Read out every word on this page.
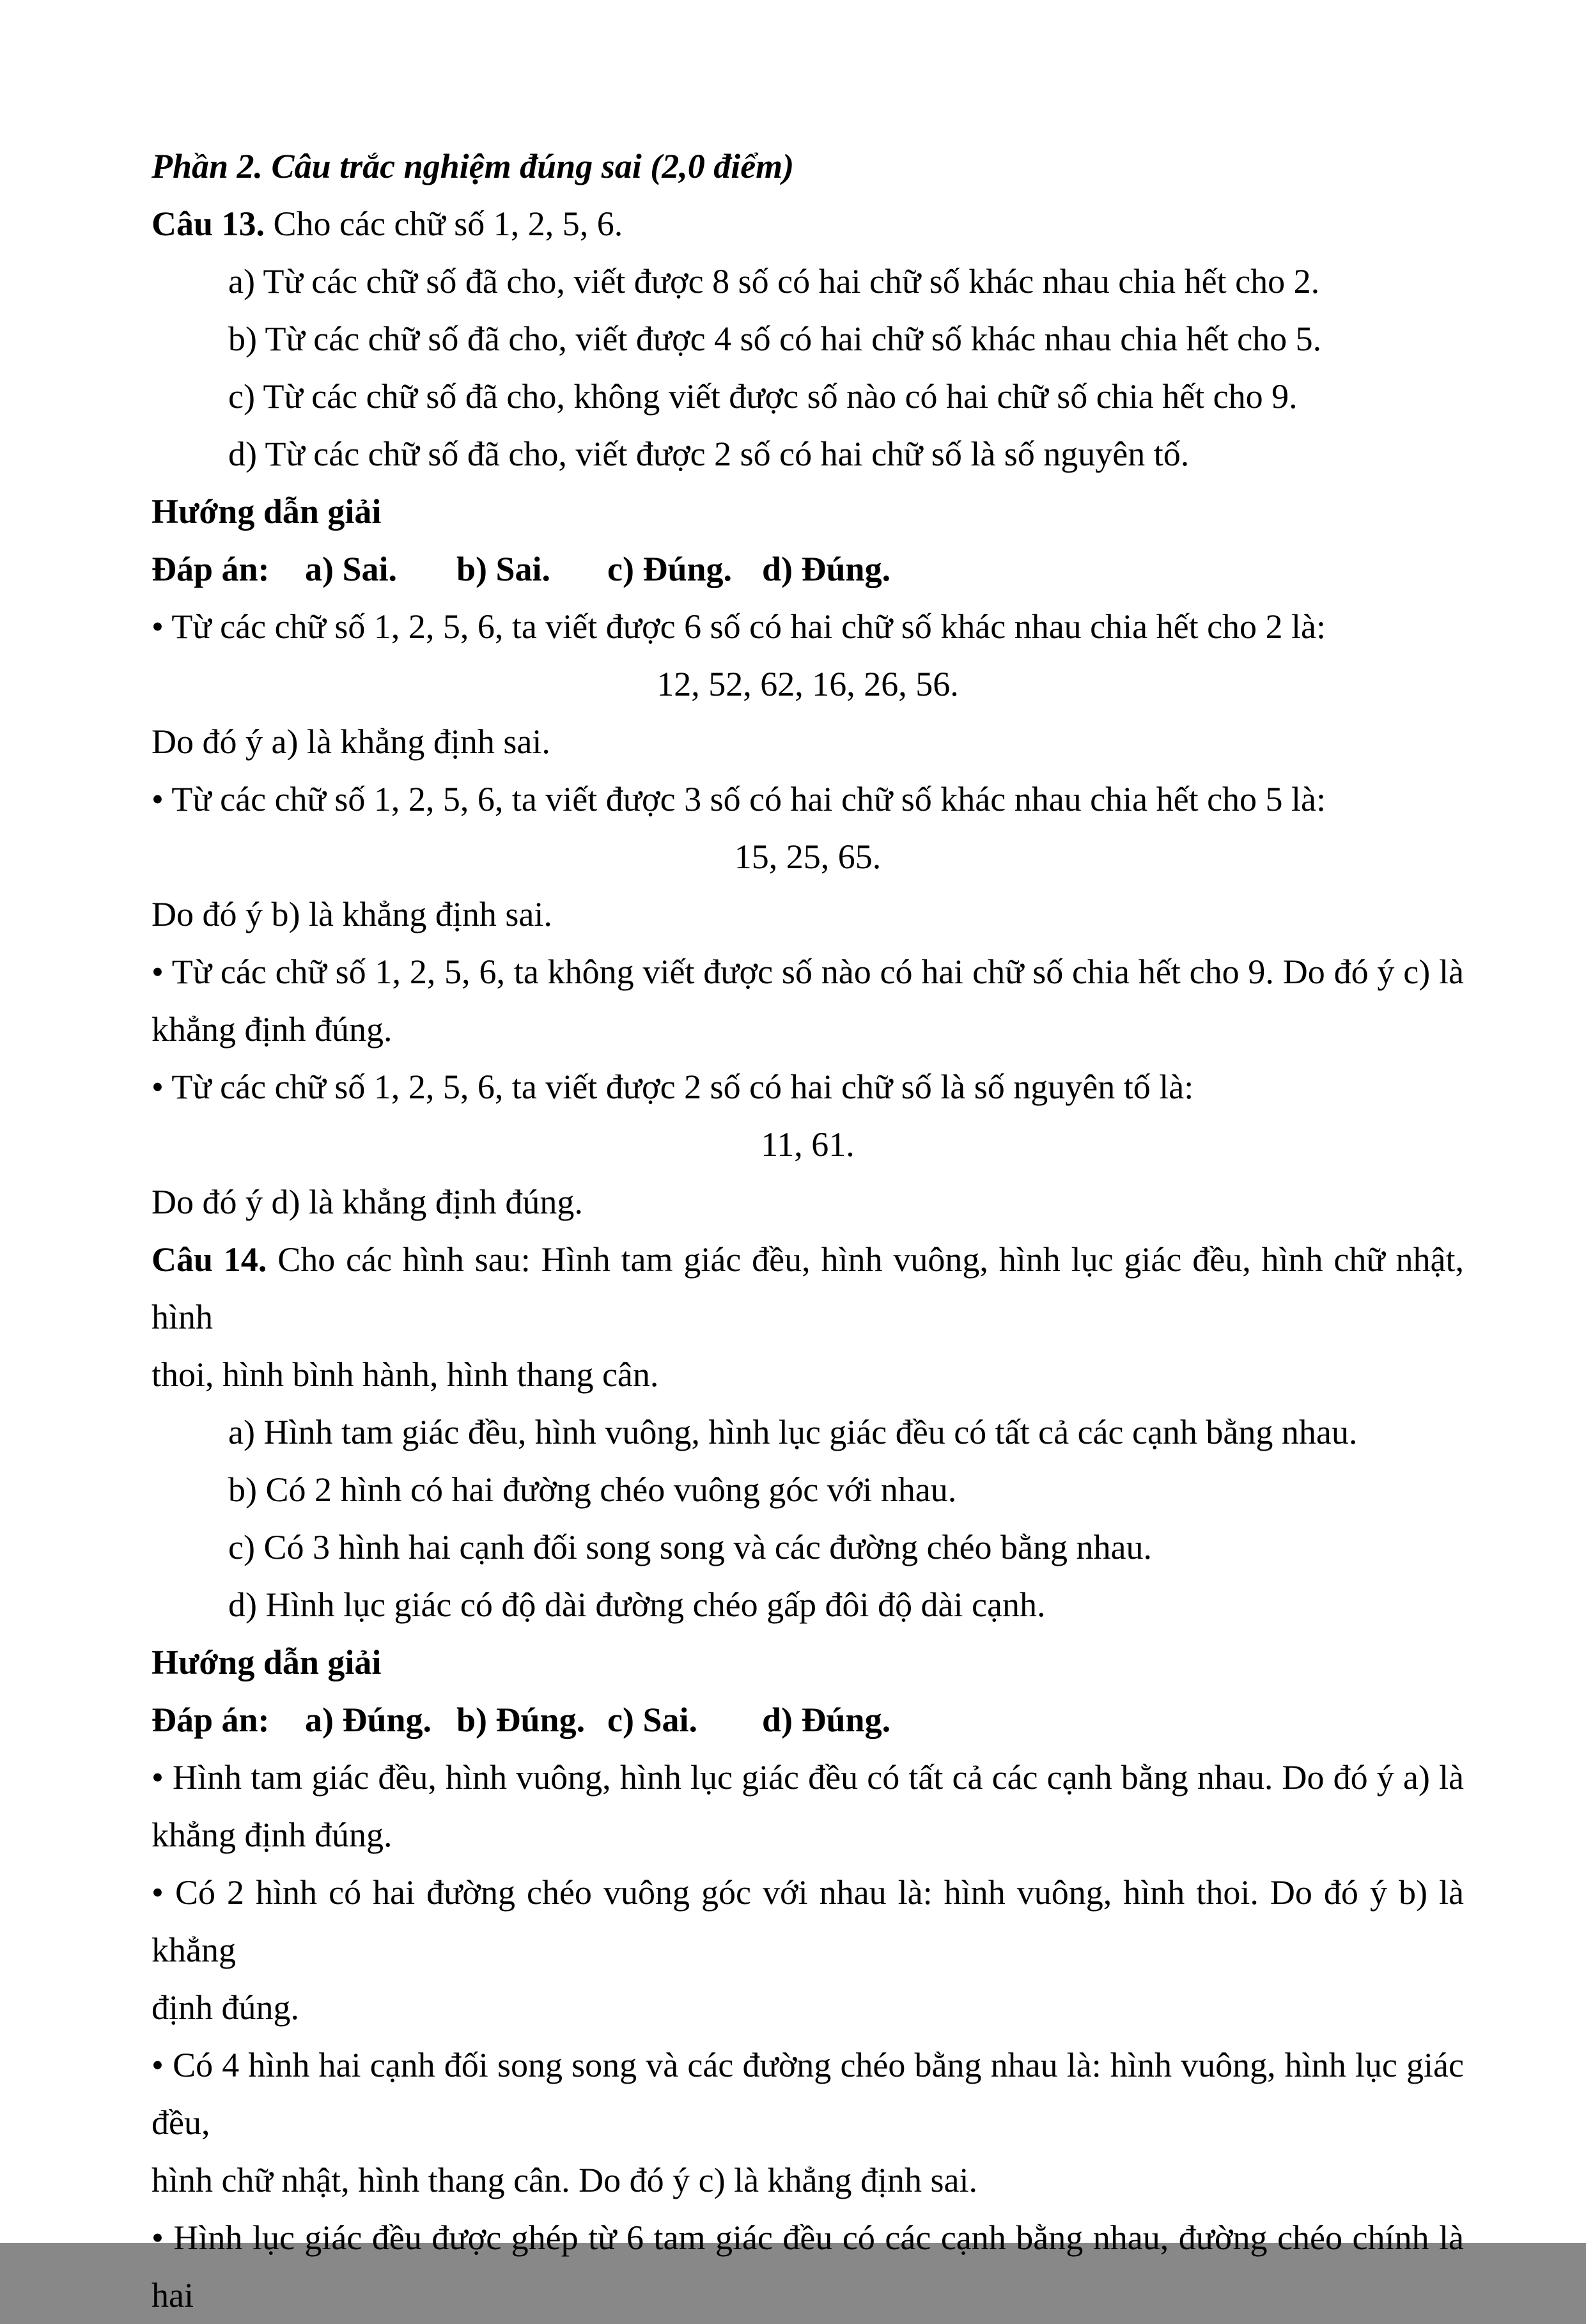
Phần 2. Câu trắc nghiệm đúng sai (2,0 điểm)
Câu 13. Cho các chữ số 1, 2, 5, 6.
a) Từ các chữ số đã cho, viết được 8 số có hai chữ số khác nhau chia hết cho 2.
b) Từ các chữ số đã cho, viết được 4 số có hai chữ số khác nhau chia hết cho 5.
c) Từ các chữ số đã cho, không viết được số nào có hai chữ số chia hết cho 9.
d) Từ các chữ số đã cho, viết được 2 số có hai chữ số là số nguyên tố.
Hướng dẫn giải
Đáp án:	a) Sai.	b) Sai.	c) Đúng. d) Đúng.
• Từ các chữ số 1, 2, 5, 6, ta viết được 6 số có hai chữ số khác nhau chia hết cho 2 là:
12, 52, 62, 16, 26, 56.
Do đó ý a) là khẳng định sai.
• Từ các chữ số 1, 2, 5, 6, ta viết được 3 số có hai chữ số khác nhau chia hết cho 5 là:
15, 25, 65.
Do đó ý b) là khẳng định sai.
• Từ các chữ số 1, 2, 5, 6, ta không viết được số nào có hai chữ số chia hết cho 9. Do đó ý c) là
khẳng định đúng.
• Từ các chữ số 1, 2, 5, 6, ta viết được 2 số có hai chữ số là số nguyên tố là:
11, 61.
Do đó ý d) là khẳng định đúng.
Câu 14. Cho các hình sau: Hình tam giác đều, hình vuông, hình lục giác đều, hình chữ nhật, hình
thoi, hình bình hành, hình thang cân.
a) Hình tam giác đều, hình vuông, hình lục giác đều có tất cả các cạnh bằng nhau.
b) Có 2 hình có hai đường chéo vuông góc với nhau.
c) Có 3 hình hai cạnh đối song song và các đường chéo bằng nhau.
d) Hình lục giác có độ dài đường chéo gấp đôi độ dài cạnh.
Hướng dẫn giải
Đáp án:	a) Đúng. b) Đúng. c) Sai.	d) Đúng.
• Hình tam giác đều, hình vuông, hình lục giác đều có tất cả các cạnh bằng nhau. Do đó ý a) là
khẳng định đúng.
• Có 2 hình có hai đường chéo vuông góc với nhau là: hình vuông, hình thoi. Do đó ý b) là khẳng
định đúng.
• Có 4 hình hai cạnh đối song song và các đường chéo bằng nhau là: hình vuông, hình lục giác đều,
hình chữ nhật, hình thang cân. Do đó ý c) là khẳng định sai.
• Hình lục giác đều được ghép từ 6 tam giác đều có các cạnh bằng nhau, đường chéo chính là hai
